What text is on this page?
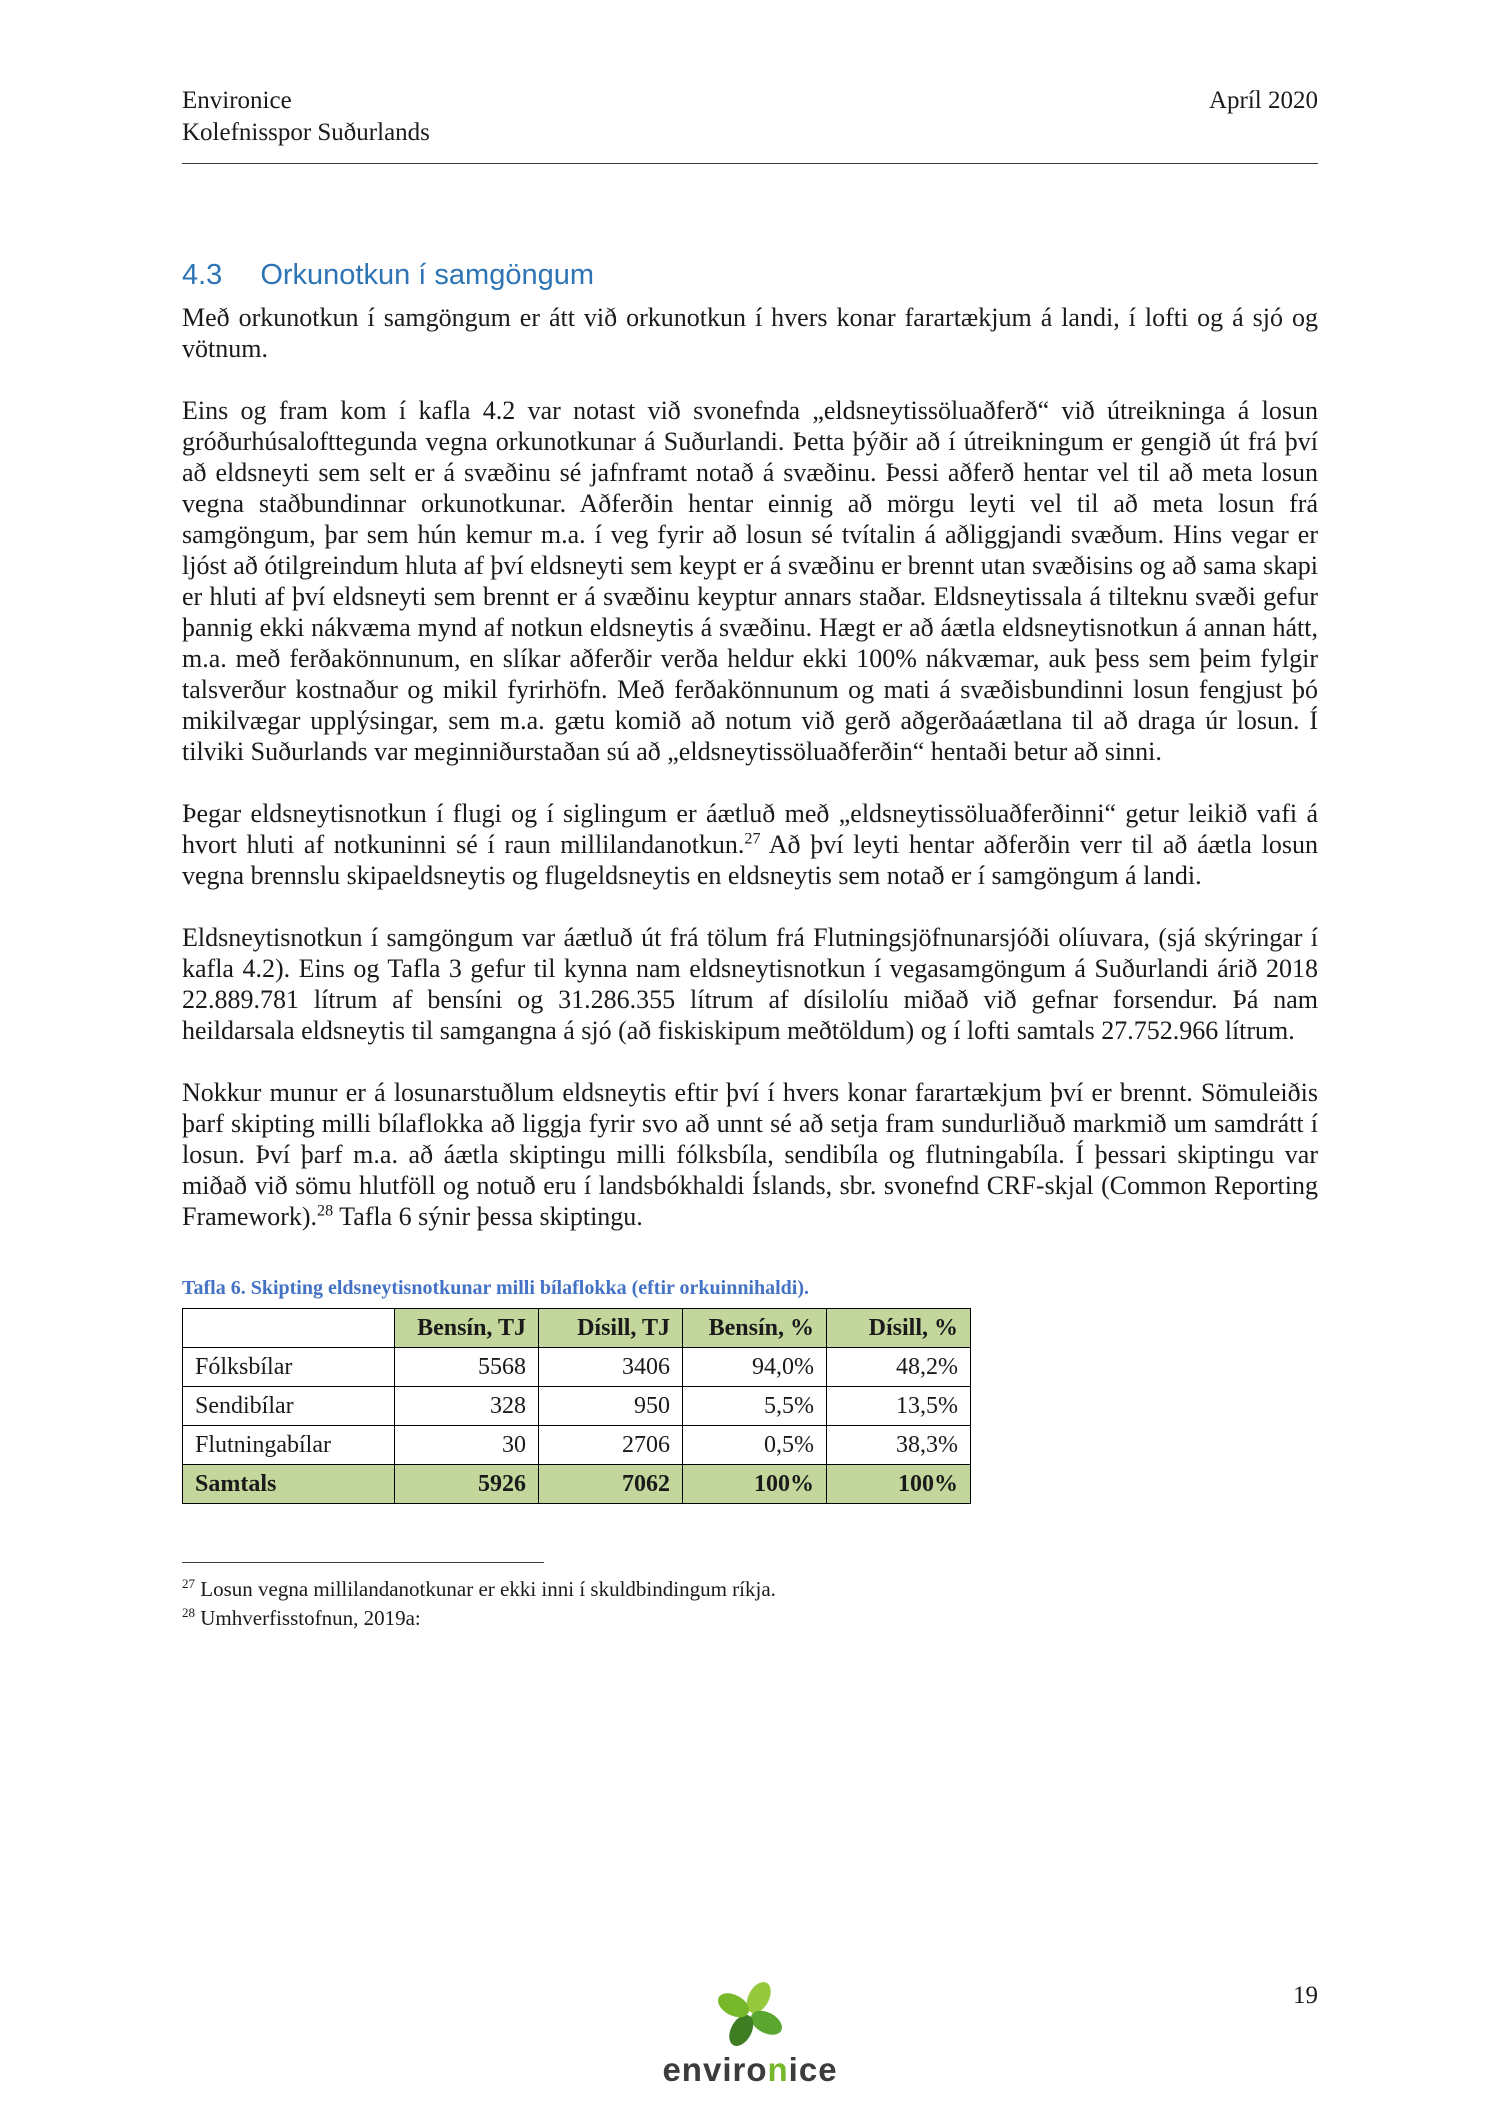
Environice
Kolefnisspor Suðurlands
Apríl 2020
4.3 Orkunotkun í samgöngum

Með orkunotkun í samgöngum er átt við orkunotkun í hvers konar farartækjum á landi, í lofti og á sjó og vötnum.

Eins og fram kom í kafla 4.2 var notast við svonefnda „eldsneytissöluaðferð“ við útreikninga á losun gróðurhúsalofttegunda vegna orkunotkunar á Suðurlandi. Þetta þýðir að í útreikningum er gengið út frá því að eldsneyti sem selt er á svæðinu sé jafnframt notað á svæðinu. Þessi aðferð hentar vel til að meta losun vegna staðbundinnar orkunotkunar. Aðferðin hentar einnig að mörgu leyti vel til að meta losun frá samgöngum, þar sem hún kemur m.a. í veg fyrir að losun sé tvítalin á aðliggjandi svæðum. Hins vegar er ljóst að ótilgreindum hluta af því eldsneyti sem keypt er á svæðinu er brennt utan svæðisins og að sama skapi er hluti af því eldsneyti sem brennt er á svæðinu keyptur annars staðar. Eldsneytissala á tilteknu svæði gefur þannig ekki nákvæma mynd af notkun eldsneytis á svæðinu. Hægt er að áætla eldsneytisnotkun á annan hátt, m.a. með ferðakönnunum, en slíkar aðferðir verða heldur ekki 100% nákvæmar, auk þess sem þeim fylgir talsverður kostnaður og mikil fyrirhöfn. Með ferðakönnunum og mati á svæðisbundinni losun fengjust þó mikilvægar upplýsingar, sem m.a. gætu komið að notum við gerð aðgerðaáætlana til að draga úr losun. Í tilviki Suðurlands var meginniðurstaðan sú að „eldsneytissöluaðferðin“ hentaði betur að sinni.

Þegar eldsneytisnotkun í flugi og í siglingum er áætluð með „eldsneytissöluaðferðinni“ getur leikið vafi á hvort hluti af notkuninni sé í raun millilandanotkun.$^{27}$ Að því leyti hentar aðferðin verr til að áætla losun vegna brennslu skipaeldsneytis og flugeldsneytis en eldsneytis sem notað er í samgöngum á landi.

Eldsneytisnotkun í samgöngum var áætluð út frá tölum frá Flutningsjöfnunarsjóði olíuvara, (sjá skýringar í kafla 4.2). Eins og Tafla 3 gefur til kynna nam eldsneytisnotkun í vegasamgöngum á Suðurlandi árið 2018 22.889.781 lítrum af bensíni og 31.286.355 lítrum af dísilolíu miðað við gefnar forsendur. Þá nam heildarsala eldsneytis til samgangna á sjó (að fiskiskipum meðtöldum) og í lofti samtals 27.752.966 lítrum.

Nokkur munur er á losunarstuðlum eldsneytis eftir því í hvers konar farartækjum því er brennt. Sömuleiðis þarf skipting milli bílaflokka að liggja fyrir svo að unnt sé að setja fram sundurliðuð markmið um samdrátt í losun. Því þarf m.a. að áætla skiptingu milli fólksbíla, sendibíla og flutningabíla. Í þessari skiptingu var miðað við sömu hlutföll og notuð eru í landsbókhaldi Íslands, sbr. svonefnd CRF-skjal (Common Reporting Framework).$^{28}$ Tafla 6 sýnir þessa skiptingu.

Tafla 6. Skipting eldsneytisnotkunar milli bílaflokka (eftir orkuinnihaldi).
	Bensín, TJ	Dísill, TJ	Bensín, %	Dísill, %
Fólksbílar	5568	3406	94,0%	48,2%
Sendibílar	328	950	5,5%	13,5%
Flutningabílar	30	2706	0,5%	38,3%
Samtals	5926	7062	100%	100%
$^{27}$ Losun vegna millilandanotkunar er ekki inni í skuldbindingum ríkja.
$^{28}$ Umhverfisstofnun, 2019a:
19
environice
